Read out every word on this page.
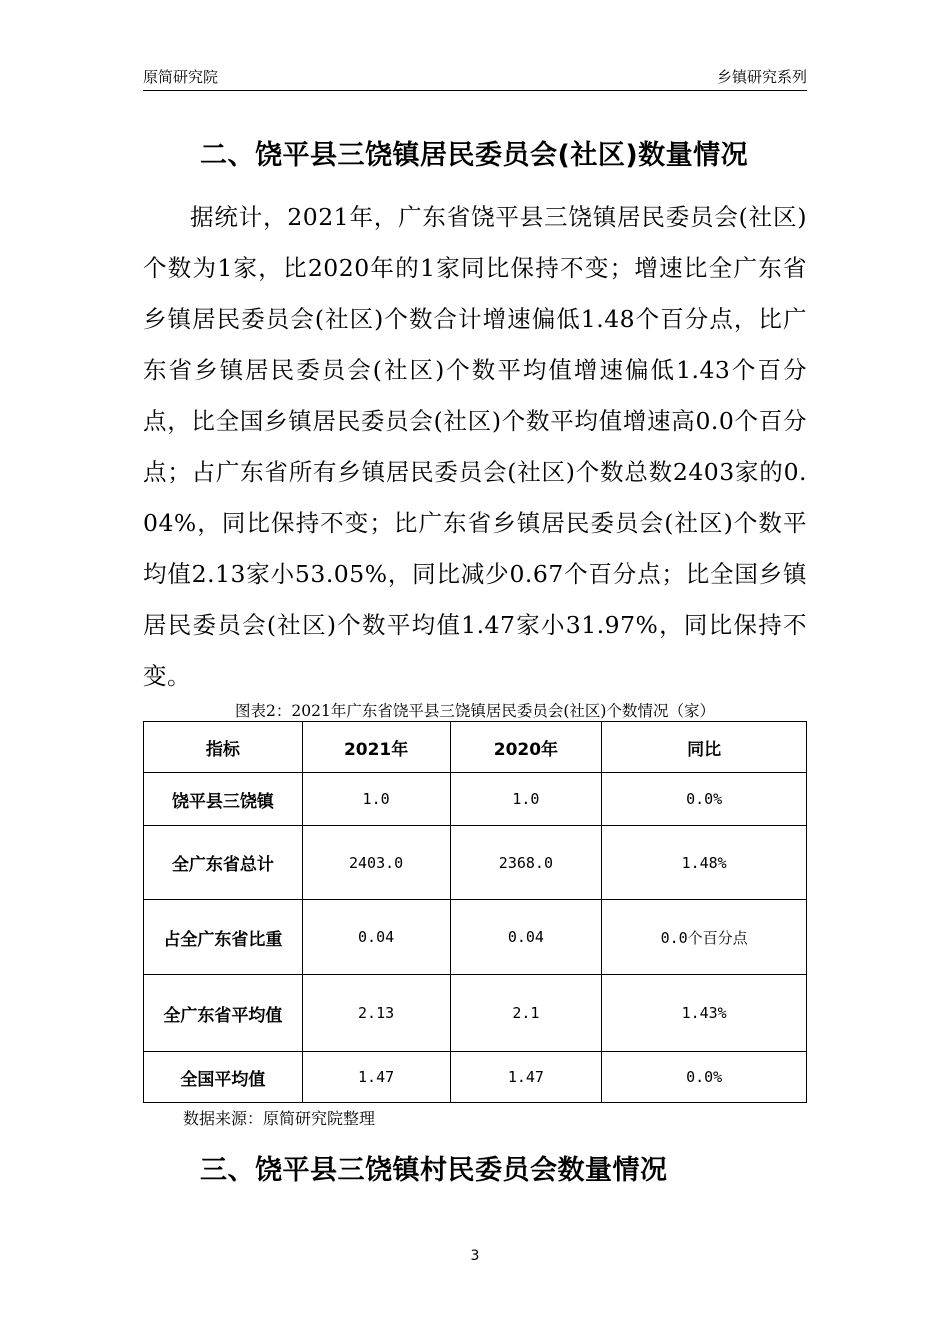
原简研究院	乡镇研究系列
二、饶平县三饶镇居民委员会(社区)数量情况
据统计，2021年，广东省饶平县三饶镇居民委员会(社区)个数为1家，比2020年的1家同比保持不变；增速比全广东省乡镇居民委员会(社区)个数合计增速偏低1.48个百分点，比广东省乡镇居民委员会(社区)个数平均值增速偏低1.43个百分点，比全国乡镇居民委员会(社区)个数平均值增速高0.0个百分点；占广东省所有乡镇居民委员会(社区)个数总数2403家的0.04%，同比保持不变；比广东省乡镇居民委员会(社区)个数平均值2.13家小53.05%，同比减少0.67个百分点；比全国乡镇居民委员会(社区)个数平均值1.47家小31.97%，同比保持不变。
图表2：2021年广东省饶平县三饶镇居民委员会(社区)个数情况（家）
指标	2021年	2020年	同比
饶平县三饶镇	1.0	1.0	0.0%
全广东省总计	2403.0	2368.0	1.48%
占全广东省比重	0.04	0.04	0.0个百分点
全广东省平均值	2.13	2.1	1.43%
全国平均值	1.47	1.47	0.0%
数据来源：原简研究院整理
三、饶平县三饶镇村民委员会数量情况
3
